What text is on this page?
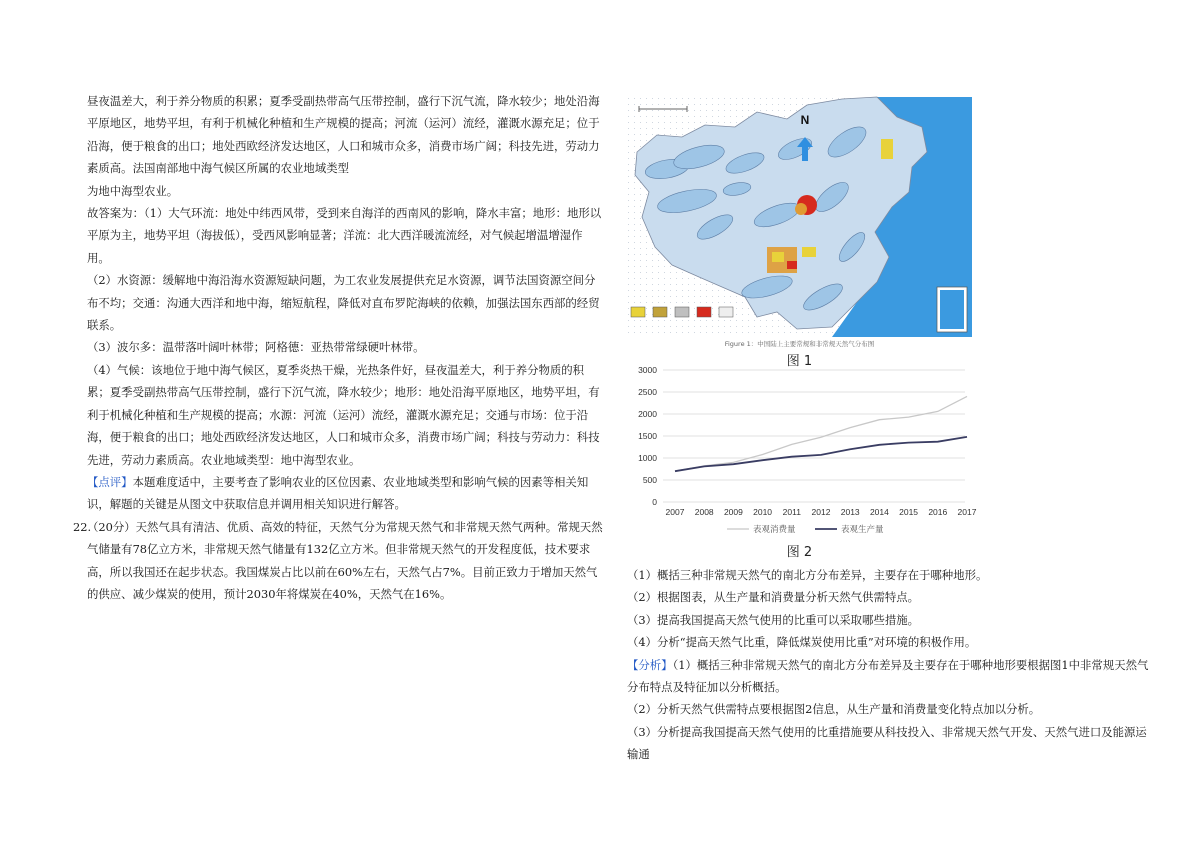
昼夜温差大，利于养分物质的积累；夏季受副热带高气压带控制，盛行下沉气流，降水较少；地处沿海平原地区，地势平坦，有利于机械化种植和生产规模的提高；河流（运河）流经，灌溉水源充足；位于沿海，便于粮食的出口；地处西欧经济发达地区，人口和城市众多，消费市场广阔；科技先进，劳动力素质高。法国南部地中海气候区所属的农业地域类型

为地中海型农业。

故答案为：（1）大气环流：地处中纬西风带，受到来自海洋的西南风的影响，降水丰富；地形：地形以平原为主，地势平坦（海拔低），受西风影响显著；洋流：北大西洋暖流流经，对气候起增温增湿作用。

（2）水资源：缓解地中海沿海水资源短缺问题，为工农业发展提供充足水资源，调节法国资源空间分布不均；交通：沟通大西洋和地中海，缩短航程，降低对直布罗陀海峡的依赖，加强法国东西部的经贸联系。

（3）波尔多：温带落叶阔叶林带；阿格德：亚热带常绿硬叶林带。

（4）气候：该地位于地中海气候区，夏季炎热干燥，光热条件好，昼夜温差大，利于养分物质的积累；夏季受副热带高气压带控制，盛行下沉气流，降水较少；地形：地处沿海平原地区，地势平坦，有利于机械化种植和生产规模的提高；水源：河流（运河）流经，灌溉水源充足；交通与市场：位于沿海，便于粮食的出口；地处西欧经济发达地区，人口和城市众多，消费市场广阔；科技与劳动力：科技先进，劳动力素质高。农业地域类型：地中海型农业。

【点评】本题难度适中，主要考查了影响农业的区位因素、农业地域类型和影响气候的因素等相关知识，解题的关键是从图文中获取信息并调用相关知识进行解答。

22.（20分）天然气具有清洁、优质、高效的特征，天然气分为常规天然气和非常规天然气两种。常规天然气储量有78亿立方米，非常规天然气储量有132亿立方米。但非常规天然气的开发程度低，技术要求高，所以我国还在起步状态。我国煤炭占比以前在60%左右，天然气占7%。目前正致力于增加天然气的供应、减少煤炭的使用，预计2030年将煤炭在40%，天然气在16%。

N
Figure 1：中国陆上主要常规和非常规天然气分布图
图 1
0
500
1000
1500
2000
2500
3000
2007 2008 2009 2010 2011 2012 2013 2014 2015 2016 2017
表观消费量	表观生产量
图 2

（1）概括三种非常规天然气的南北方分布差异，主要存在于哪种地形。

（2）根据图表，从生产量和消费量分析天然气供需特点。

（3）提高我国提高天然气使用的比重可以采取哪些措施。

（4）分析“提高天然气比重，降低煤炭使用比重”对环境的积极作用。

【分析】（1）概括三种非常规天然气的南北方分布差异及主要存在于哪种地形要根据图1中非常规天然气分布特点及特征加以分析概括。

（2）分析天然气供需特点要根据图2信息，从生产量和消费量变化特点加以分析。

（3）分析提高我国提高天然气使用的比重措施要从科技投入、非常规天然气开发、天然气进口及能源运输通
